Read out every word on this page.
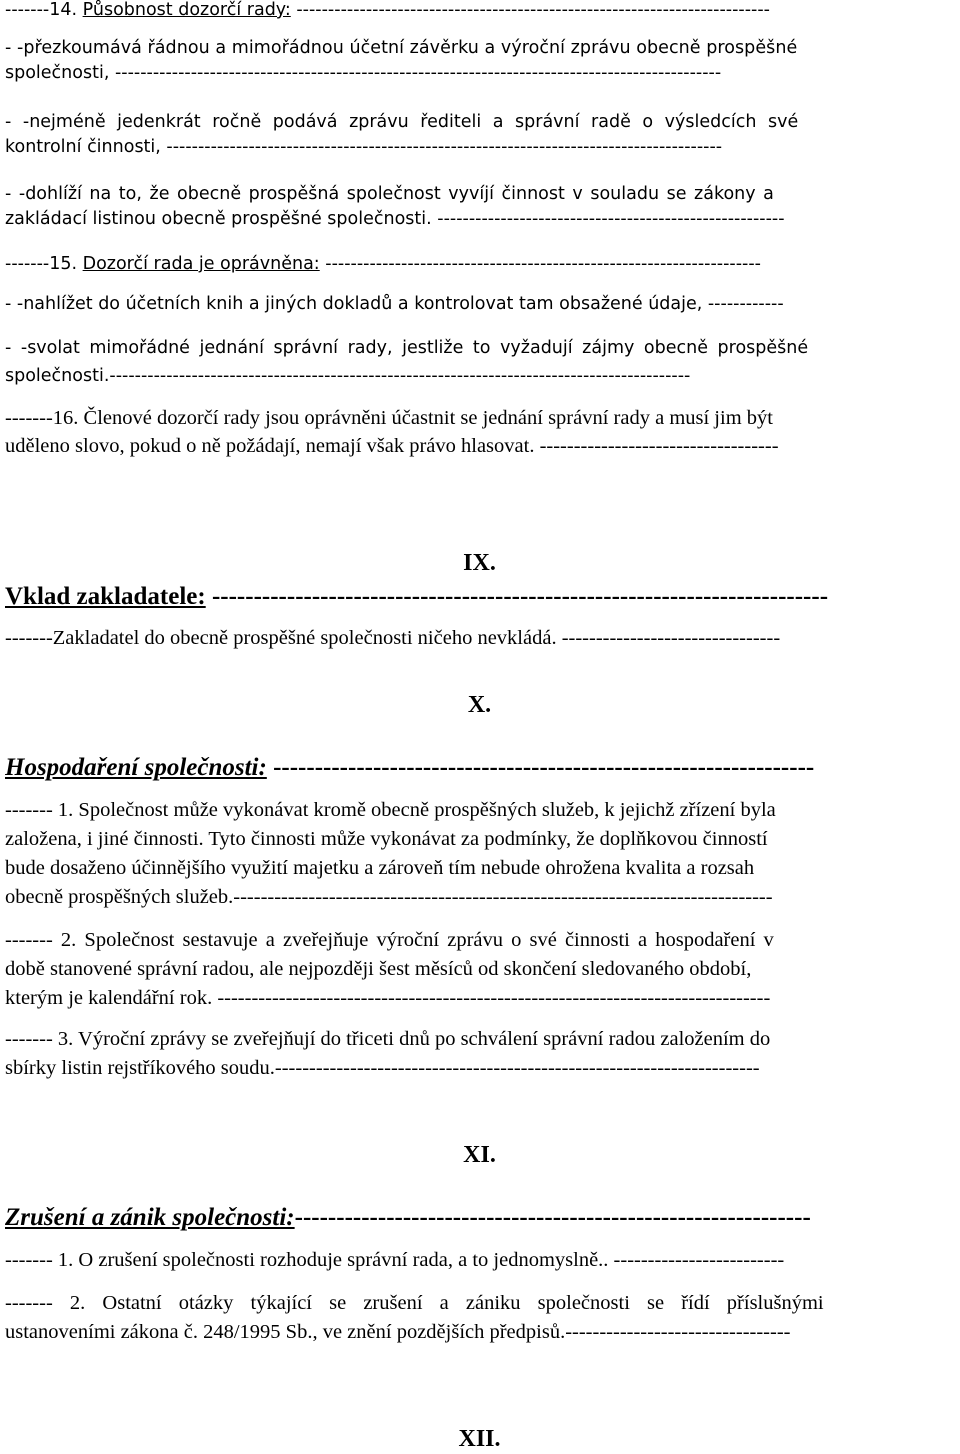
-------14. Působnost dozorčí rady: ---------------------------------------------------------------------------

- -přezkoumává řádnou a mimořádnou účetní závěrku a výroční zprávu obecně prospěšné

společnosti, ------------------------------------------------------------------------------------------------

- -nejméně jedenkrát ročně podává zprávu řediteli a správní radě o výsledcích své

kontrolní činnosti, ----------------------------------------------------------------------------------------

- -dohlíží na to, že obecně prospěšná společnost vyvíjí činnost v souladu se zákony a

zakládací listinou obecně prospěšné společnosti. -------------------------------------------------------

-------15. Dozorčí rada je oprávněna: ---------------------------------------------------------------------

- -nahlížet do účetních knih a jiných dokladů a kontrolovat tam obsažené údaje, ------------

- -svolat mimořádné jednání správní rady, jestliže to vyžadují zájmy obecně prospěšné

společnosti.--------------------------------------------------------------------------------------------

-------16. Členové dozorčí rady jsou oprávněni účastnit se jednání správní rady a musí jim být

uděleno slovo, pokud o ně požádají, nemají však právo hlasovat. -----------------------------------

IX.
Vklad zakladatele: --------------------------------------------------------------------------

-------Zakladatel do obecně prospěšné společnosti ničeho nevkládá. --------------------------------

X.
Hospodaření společnosti: -----------------------------------------------------------------

------- 1. Společnost může vykonávat kromě obecně prospěšných služeb, k jejichž zřízení byla

založena, i jiné činnosti. Tyto činnosti může vykonávat za podmínky, že doplňkovou činností

bude dosaženo účinnějšího využití majetku a zároveň tím nebude ohrožena kvalita a rozsah

obecně prospěšných služeb.-------------------------------------------------------------------------------

------- 2. Společnost sestavuje a zveřejňuje výroční zprávu o své činnosti a hospodaření v

době stanovené správní radou, ale nejpozději šest měsíců od skončení sledovaného období,

kterým je kalendářní rok. ---------------------------------------------------------------------------------

------- 3. Výroční zprávy se zveřejňují do třiceti dnů po schválení správní radou založením do

sbírky listin rejstříkového soudu.-----------------------------------------------------------------------

XI.
Zrušení a zánik společnosti:--------------------------------------------------------------

------- 1. O zrušení společnosti rozhoduje správní rada, a to jednomyslně.. -------------------------

------- 2. Ostatní otázky týkající se zrušení a zániku společnosti se řídí příslušnými

ustanoveními zákona č. 248/1995 Sb., ve znění pozdějších předpisů.---------------------------------

XII.
